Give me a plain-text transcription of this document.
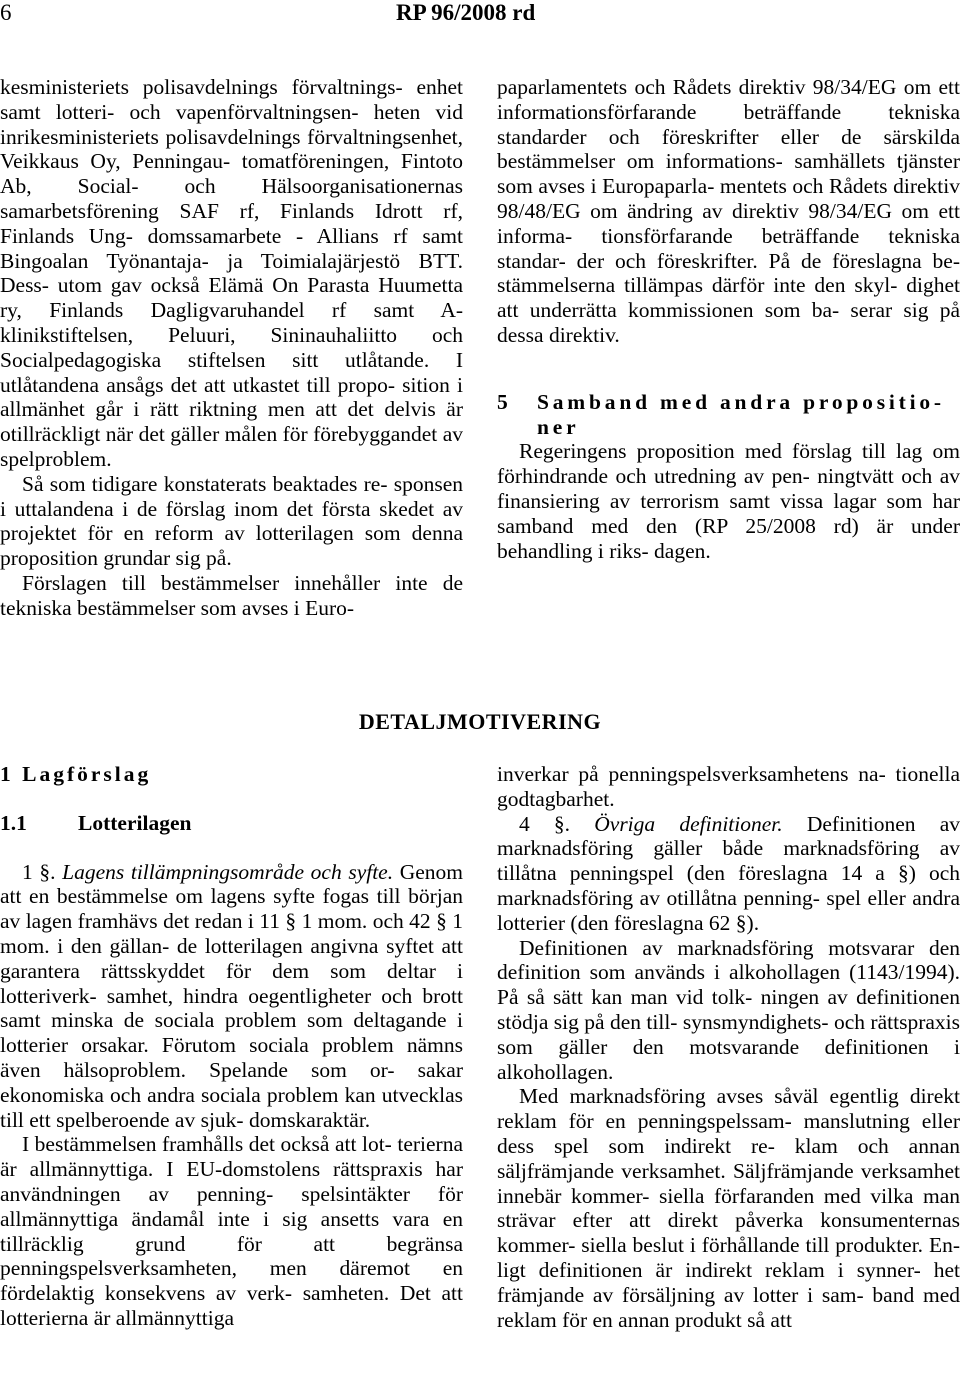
6	RP 96/2008 rd

kesministeriets polisavdelnings förvaltnings- enhet samt lotteri- och vapenförvaltningsen- heten vid inrikesministeriets polisavdelnings förvaltningsenhet, Veikkaus Oy, Penningau- tomatföreningen, Fintoto Ab, Social- och Hälsoorganisationernas samarbetsförening SAF rf, Finlands Idrott rf, Finlands Ung- domssamarbete - Allians rf samt Bingoalan Työnantaja- ja Toimialajärjestö BTT. Dess- utom gav också Elämä On Parasta Huumetta ry, Finlands Dagligvaruhandel rf samt A- klinikstiftelsen, Peluuri, Sininauhaliitto och Socialpedagogiska stiftelsen sitt utlåtande. I utlåtandena ansågs det att utkastet till propo- sition i allmänhet går i rätt riktning men att det delvis är otillräckligt när det gäller målen för förebyggandet av spelproblem.

Så som tidigare konstaterats beaktades re- sponsen i uttalandena i de förslag inom det första skedet av projektet för en reform av lotterilagen som denna proposition grundar sig på.

Förslagen till bestämmelser innehåller inte de tekniska bestämmelser som avses i Euro-

paparlamentets och Rådets direktiv 98/34/EG om ett informationsförfarande beträffande tekniska standarder och föreskrifter eller de särskilda bestämmelser om informations- samhällets tjänster som avses i Europaparla- mentets och Rådets direktiv 98/48/EG om ändring av direktiv 98/34/EG om ett informa- tionsförfarande beträffande tekniska standar- der och föreskrifter. På de föreslagna be- stämmelserna tillämpas därför inte den skyl- dighet att underrätta kommissionen som ba- serar sig på dessa direktiv.

5	Samband med andra propositio- ner

Regeringens proposition med förslag till lag om förhindrande och utredning av pen- ningtvätt och av finansiering av terrorism samt vissa lagar som har samband med den (RP 25/2008 rd) är under behandling i riks- dagen.

DETALJMOTIVERING
1 Lagförslag
1.1	Lotterilagen

1 §. Lagens tillämpningsområde och syfte. Genom att en bestämmelse om lagens syfte fogas till början av lagen framhävs det redan i 11 § 1 mom. och 42 § 1 mom. i den gällan- de lotterilagen angivna syftet att garantera rättsskyddet för dem som deltar i lotteriverk- samhet, hindra oegentligheter och brott samt minska de sociala problem som deltagande i lotterier orsakar. Förutom sociala problem nämns även hälsoproblem. Spelande som or- sakar ekonomiska och andra sociala problem kan utvecklas till ett spelberoende av sjuk- domskaraktär.

I bestämmelsen framhålls det också att lot- terierna är allmännyttiga. I EU-domstolens rättspraxis har användningen av penning- spelsintäkter för allmännyttiga ändamål inte i sig ansetts vara en tillräcklig grund för att begränsa penningspelsverksamheten, men däremot en fördelaktig konsekvens av verk- samheten. Det att lotterierna är allmännyttiga

inverkar på penningspelsverksamhetens na- tionella godtagbarhet.

4 §. Övriga definitioner. Definitionen av marknadsföring gäller både marknadsföring av tillåtna penningspel (den föreslagna 14 a §) och marknadsföring av otillåtna penning- spel eller andra lotterier (den föreslagna 62 §).

Definitionen av marknadsföring motsvarar den definition som används i alkohollagen (1143/1994). På så sätt kan man vid tolk- ningen av definitionen stödja sig på den till- synsmyndighets- och rättspraxis som gäller den motsvarande definitionen i alkohollagen.

Med marknadsföring avses såväl egentlig direkt reklam för en penningspelssam- manslutning eller dess spel som indirekt re- klam och annan säljfrämjande verksamhet. Säljfrämjande verksamhet innebär kommer- siella förfaranden med vilka man strävar efter att direkt påverka konsumenternas kommer- siella beslut i förhållande till produkter. En- ligt definitionen är indirekt reklam i synner- het främjande av försäljning av lotter i sam- band med reklam för en annan produkt så att
